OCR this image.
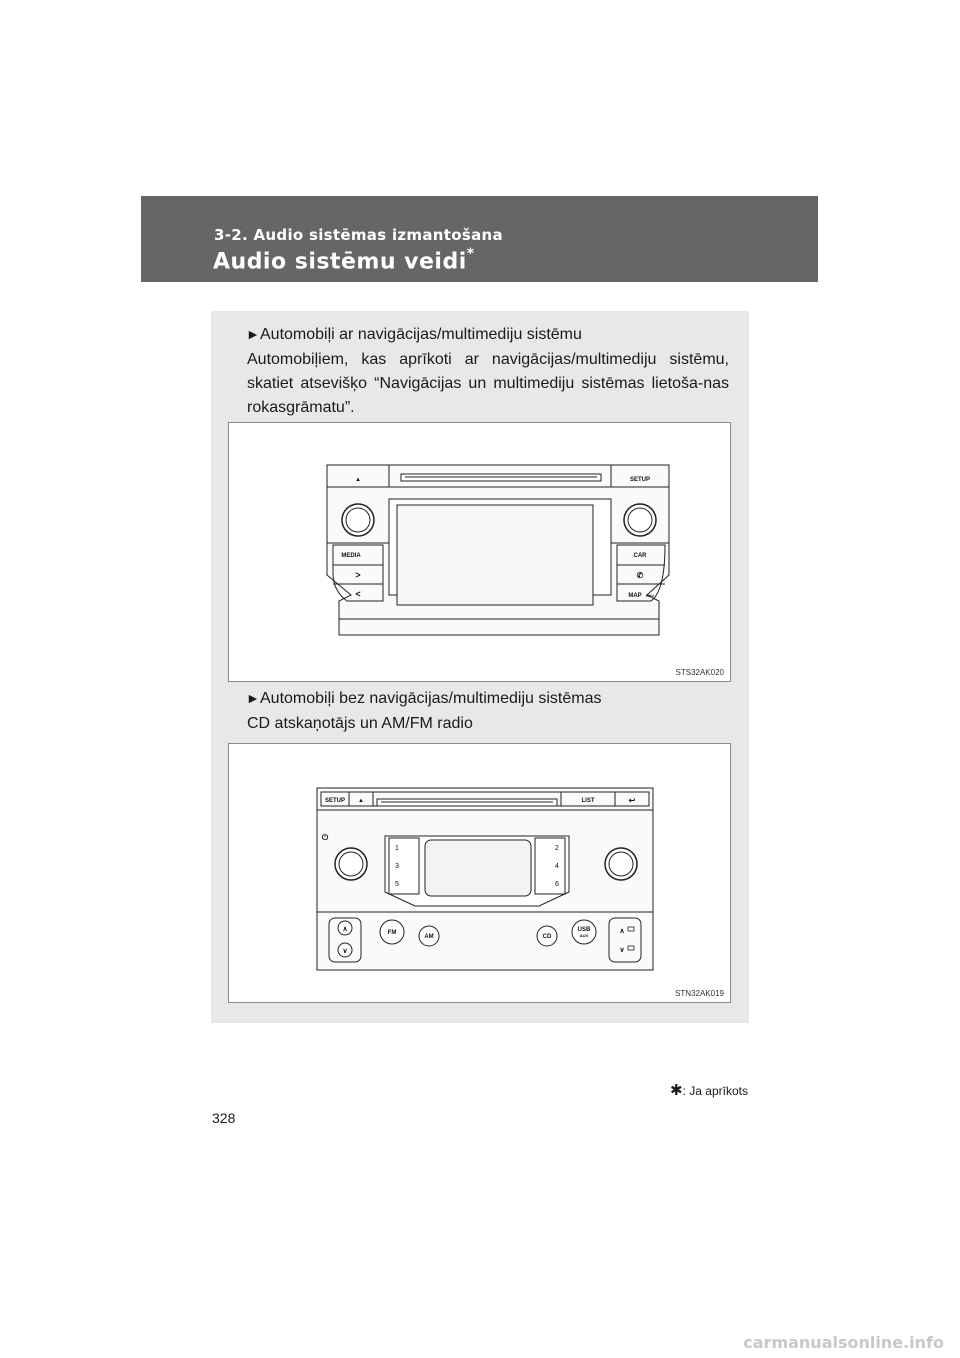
3-2. Audio sistēmas izmantošana
Audio sistēmu veidi*
►Automobiļi ar navigācijas/multimediju sistēmu
Automobiļiem, kas aprīkoti ar navigācijas/multimediju sistēmu, skatiet atsevišķo “Navigācijas un multimediju sistēmas lietoša-nas rokasgrāmatu”.
▲	SETUP
MEDIA
>
<
CAR
✆
MAP NAV
STS32AK020
►Automobiļi bez navigācijas/multimediju sistēmas
CD atskaņotājs un AM/FM radio
SETUP ▲	LIST	↩
⏻
1
3
5
2
4
6
∧
∨
FM
AM	CD
USB
AUX
∧
∨
STN32AK019
✱: Ja aprīkots
328
carmanualsonline.info
